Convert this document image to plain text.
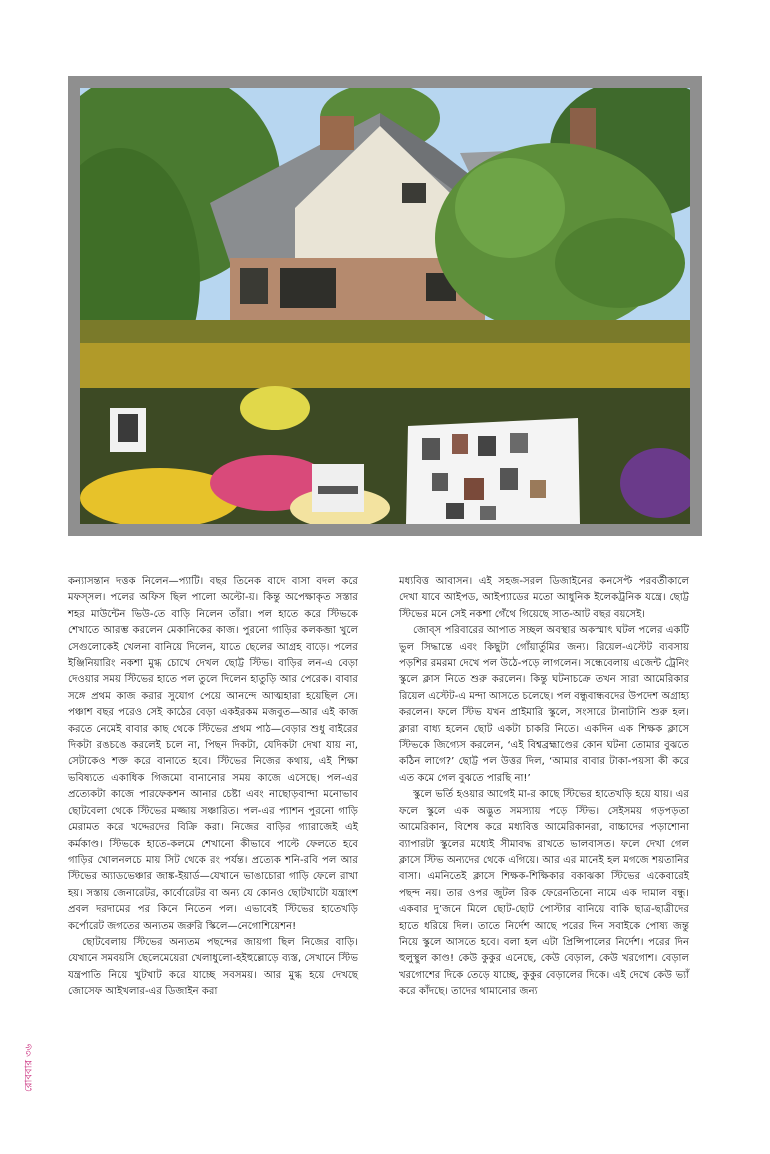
কন্যাসন্তান দত্তক নিলেন—প্যাটি। বছর তিনেক বাদে বাসা বদল করে মফস্সল। পলের অফিস ছিল পালো অল্টো-য়। কিন্তু অপেক্ষাকৃত সস্তার শহর মাউন্টেন ভিউ-তে বাড়ি নিলেন তাঁরা। পল হাতে করে স্টিভকে শেখাতে আরম্ভ করলেন মেকানিকের কাজ। পুরনো গাড়ির কলকব্জা খুলে সেগুলোকেই খেলনা বানিয়ে দিলেন, যাতে ছেলের আগ্রহ বাড়ে। পলের ইঞ্জিনিয়ারিং নকশা মুগ্ধ চোখে দেখল ছোট্ট স্টিভ। বাড়ির লন-এ বেড়া দেওয়ার সময় স্টিভের হাতে পল তুলে দিলেন হাতুড়ি আর পেরেক। বাবার সঙ্গে প্রথম কাজ করার সুযোগ পেয়ে আনন্দে আত্মহারা হয়েছিল সে। পঞ্চাশ বছর পরেও সেই কাঠের বেড়া একইরকম মজবুত—আর এই কাজ করতে নেমেই বাবার কাছ থেকে স্টিভের প্রথম পাঠ—বেড়ার শুধু বাইরের দিকটা রঙচঙে করলেই চলে না, পিছন দিকটা, যেদিকটা দেখা যায় না, সেটাকেও শক্ত করে বানাতে হবে। স্টিভের নিজের কথায়, এই শিক্ষা ভবিষ্যতে একাধিক গিজমো বানানোর সময় কাজে এসেছে। পল-এর প্রত্যেকটা কাজে পারফেকশন আনার চেষ্টা এবং নাছোড়বান্দা মনোভাব ছোটবেলা থেকে স্টিভের মজ্জায় সঞ্চারিত। পল-এর প্যাশন পুরনো গাড়ি মেরামত করে খদ্দেরদের বিক্রি করা। নিজের বাড়ির গ্যারাজেই এই কর্মকাণ্ড। স্টিভকে হাতে-কলমে শেখানো কীভাবে পাল্টে ফেলতে হবে গাড়ির খোলনলচে মায় সিট থেকে রং পর্যন্ত। প্রত্যেক শনি-রবি পল আর স্টিভের অ্যাডভেঞ্চার জাঙ্ক-ইয়ার্ড—যেখানে ভাঙাচোরা গাড়ি ফেলে রাখা হয়। সস্তায় জেনারেটর, কার্বোরেটর বা অন্য যে কোনও ছোটখাটো যন্ত্রাংশ প্রবল দরদামের পর কিনে নিতেন পল। এভাবেই স্টিভের হাতেখড়ি কর্পোরেট জগতের অন্যতম জরুরি স্কিলে—নেগোশিয়েশন!

ছোটবেলায় স্টিভের অন্যতম পছন্দের জায়গা ছিল নিজের বাড়ি। যেখানে সমবয়সি ছেলেমেয়েরা খেলাধুলো-হইহুল্লোড়ে ব্যস্ত, সেখানে স্টিভ যন্ত্রপাতি নিয়ে খুটখাট করে যাচ্ছে সবসময়। আর মুগ্ধ হয়ে দেখছে জোসেফ আইখলার-এর ডিজাইন করা

মধ্যবিত্ত আবাসন। এই সহজ-সরল ডিজাইনের কনসেপ্ট পরবর্তীকালে দেখা যাবে আইপড, আইপ্যাডের মতো আধুনিক ইলেকট্রনিক যন্ত্রে। ছোট্ট স্টিভের মনে সেই নকশা গেঁথে গিয়েছে সাত-আট বছর বয়সেই।

জোব্স পরিবারের আপাত সচ্ছল অবস্থার অকস্মাৎ ঘটল পলের একটি ভুল সিদ্ধান্তে এবং কিছুটা গোঁয়ার্তুমির জন্য। রিয়েল-এস্টেট ব্যবসায় পড়শির রমরমা দেখে পল উঠে-পড়ে লাগলেন। সন্ধেবেলায় এজেন্ট ট্রেনিং স্কুলে ক্লাস নিতে শুরু করলেন। কিন্তু ঘটনাচক্রে তখন সারা আমেরিকার রিয়েল এস্টেট-এ মন্দা আসতে চলেছে। পল বন্ধুবান্ধবদের উপদেশ অগ্রাহ্য করলেন। ফলে স্টিভ যখন প্রাইমারি স্কুলে, সংসারে টানাটানি শুরু হল। ক্লারা বাধ্য হলেন ছোট একটা চাকরি নিতে। একদিন এক শিক্ষক ক্লাসে স্টিভকে জিগ্যেস করলেন, ‘এই বিশ্বব্রহ্মাণ্ডের কোন ঘটনা তোমার বুঝতে কঠিন লাগে?’ ছোট্ট পল উত্তর দিল, ‘আমার বাবার টাকা-পয়সা কী করে এত কমে গেল বুঝতে পারছি না!’

স্কুলে ভর্তি হওয়ার আগেই মা-র কাছে স্টিভের হাতেখড়ি হয়ে যায়। এর ফলে স্কুলে এক অদ্ভুত সমস্যায় পড়ে স্টিভ। সেইসময় গড়পড়তা আমেরিকান, বিশেষ করে মধ্যবিত্ত আমেরিকানরা, বাচ্চাদের পড়াশোনা ব্যাপারটা স্কুলের মধ্যেই সীমাবদ্ধ রাখতে ভালবাসত। ফলে দেখা গেল ক্লাসে স্টিভ অন্যদের থেকে এগিয়ে। আর এর মানেই হল মগজে শয়তানির বাসা। এমনিতেই ক্লাসে শিক্ষক-শিক্ষিকার বকাঝকা স্টিভের একেবারেই পছন্দ নয়। তার ওপর জুটল রিক ফেরেনতিনো নামে এক দামাল বন্ধু। একবার দু’জনে মিলে ছোট-ছোট পোস্টার বানিয়ে বাকি ছাত্র-ছাত্রীদের হাতে ধরিয়ে দিল। তাতে নির্দেশ আছে পরের দিন সবাইকে পোষ্য জন্তু নিয়ে স্কুলে আসতে হবে। বলা হল এটা প্রিন্সিপালের নির্দেশ। পরের দিন হুলুস্থুল কাণ্ড! কেউ কুকুর এনেছে, কেউ বেড়াল, কেউ খরগোশ। বেড়াল খরগোশের দিকে তেড়ে যাচ্ছে, কুকুর বেড়ালের দিকে। এই দেখে কেউ ভ্যাঁ করে কাঁদছে। তাদের থামানোর জন্য

রোববার ৩৬
